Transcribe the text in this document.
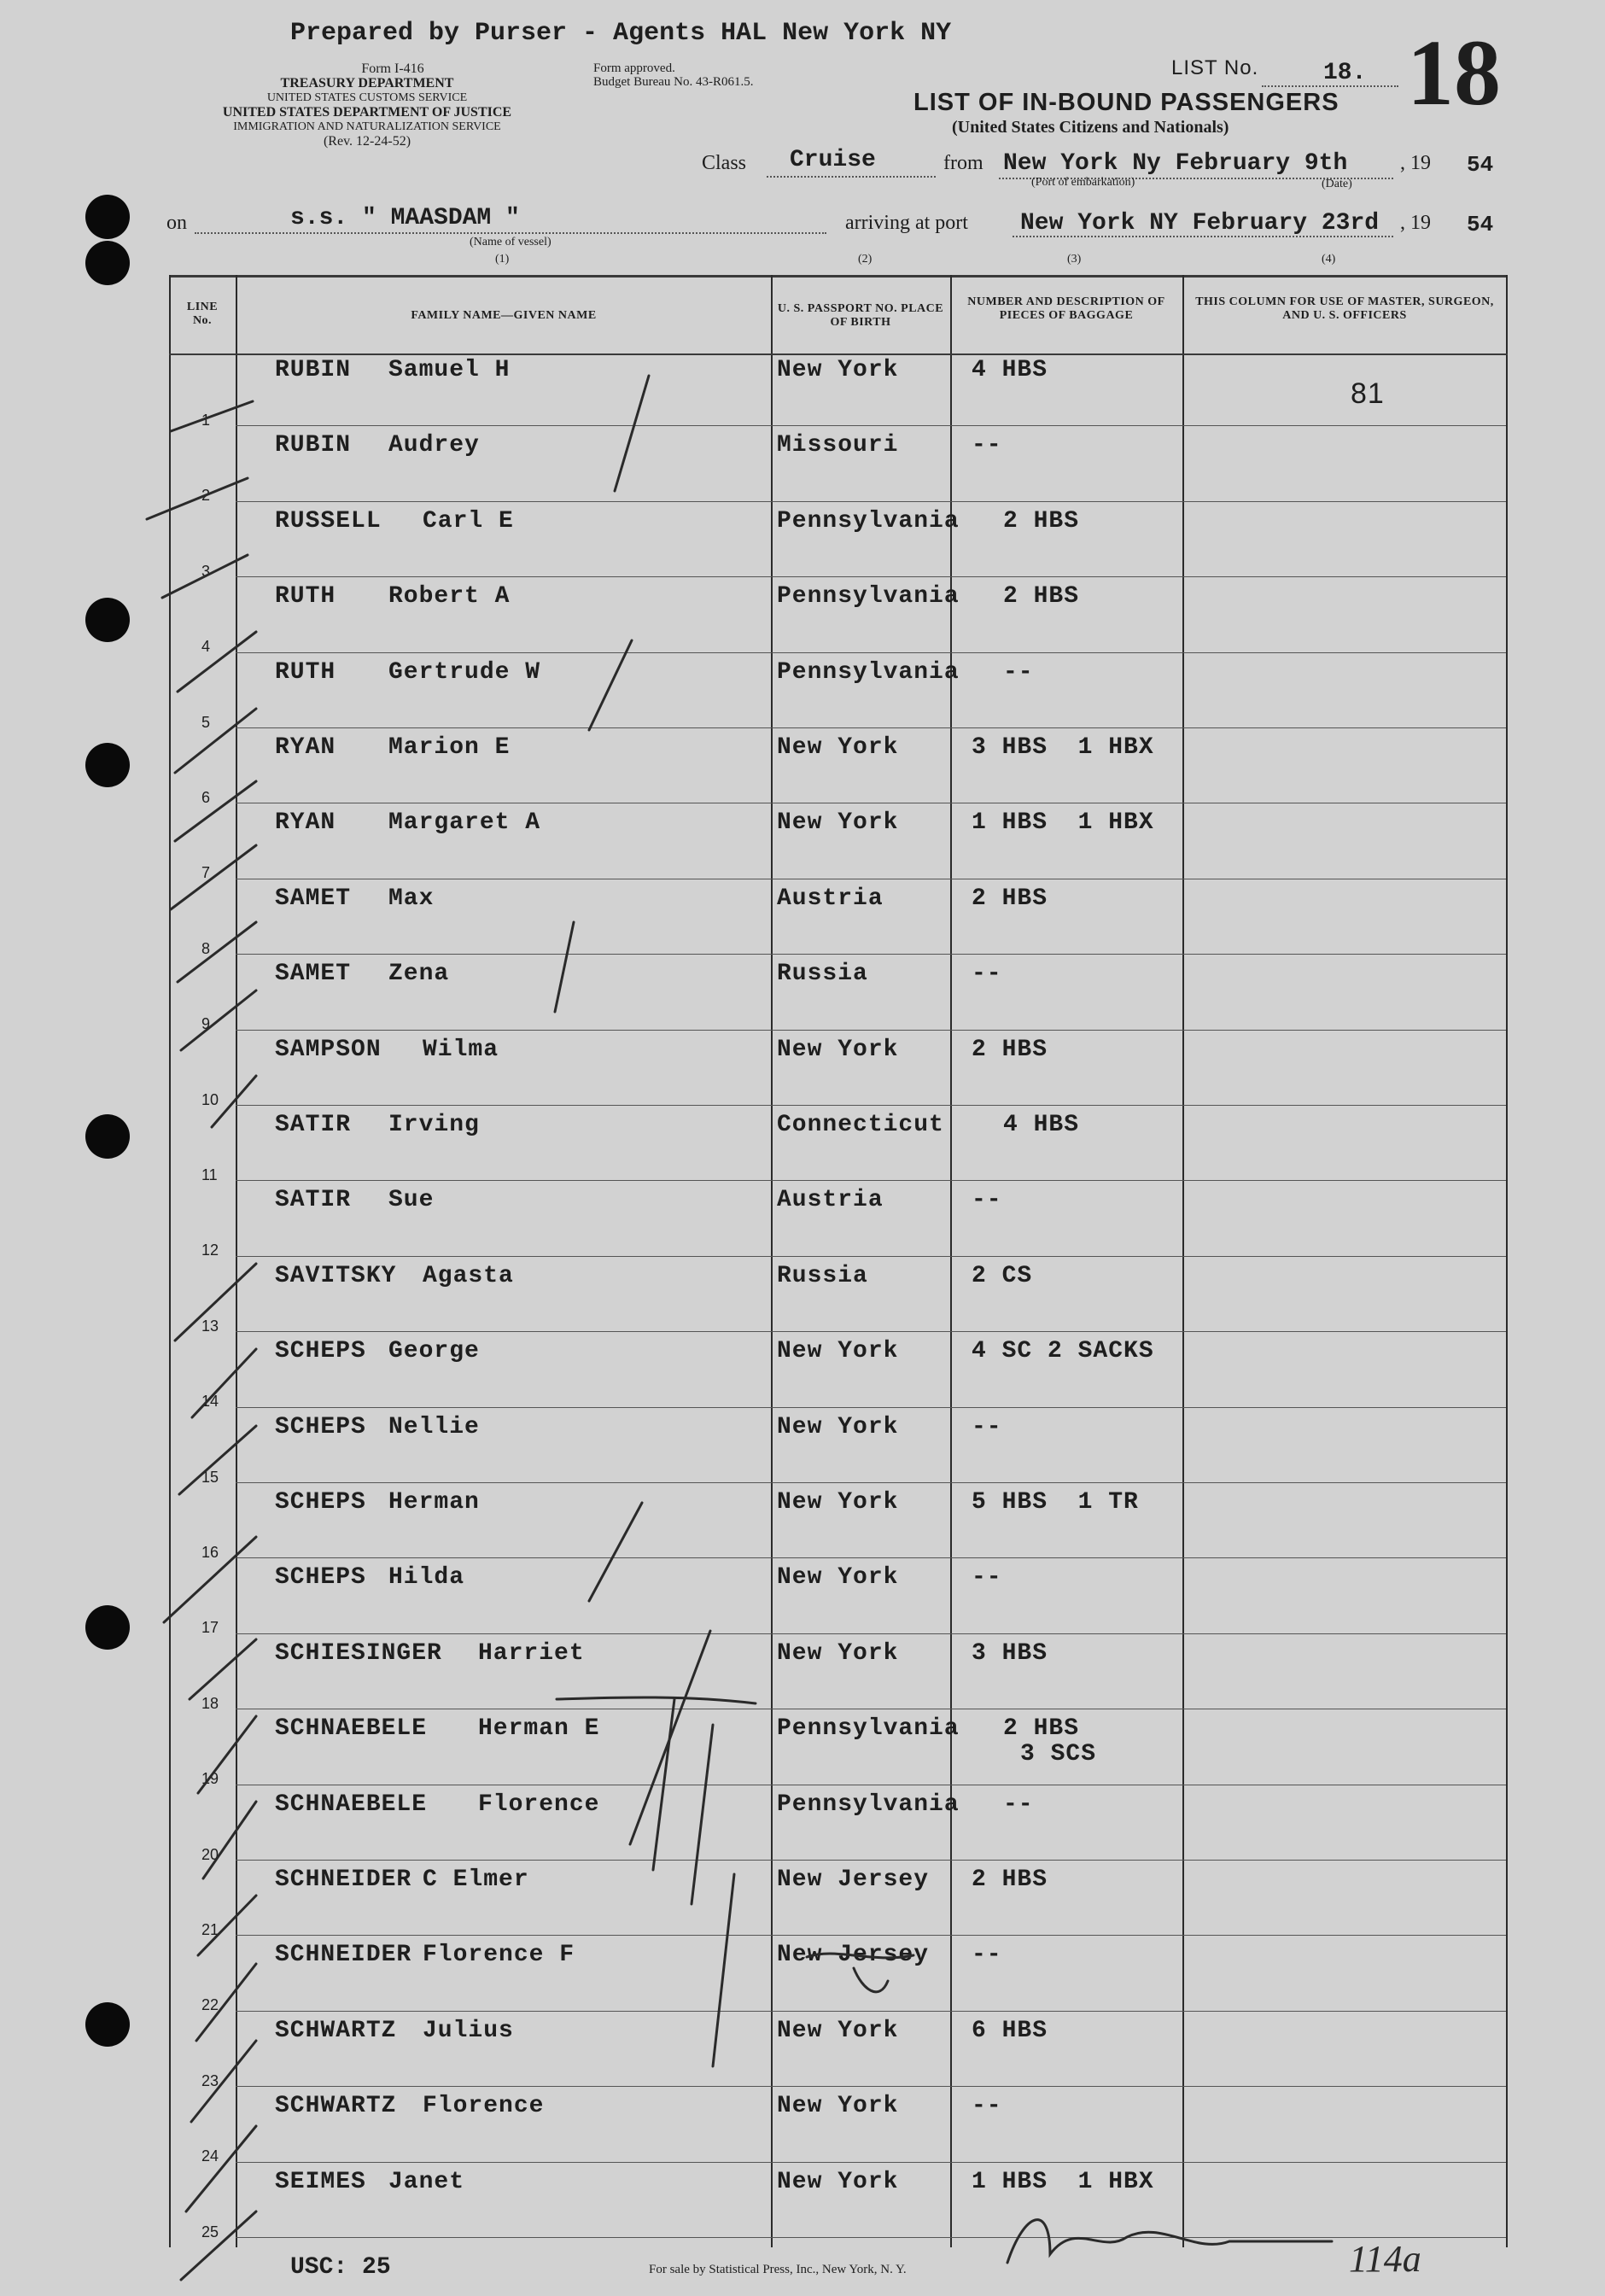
Prepared by Purser - Agents HAL New York NY
Form I-416
TREASURY DEPARTMENT
UNITED STATES CUSTOMS SERVICE
UNITED STATES DEPARTMENT OF JUSTICE
IMMIGRATION AND NATURALIZATION SERVICE
(Rev. 12-24-52)
Form approved.
Budget Bureau No. 43-R061.5.
LIST No.	18. 18
LIST OF IN-BOUND PASSENGERS
(United States Citizens and Nationals)
Class Cruise	from New York Ny February 9th
(Port of embarkation)	(Date)
, 19 54
on	s.s. " MAASDAM "
(Name of vessel)
arriving at port New York NY February 23rd , 19 54
(1)	(2)	(3)	(4)
LINE No.	FAMILY NAME—GIVEN NAME
U. S. PASSPORT NO. PLACE OF BIRTH
NUMBER AND DESCRIPTION OF PIECES OF BAGGAGE
THIS COLUMN FOR USE OF MASTER, SURGEON, AND U. S. OFFICERS
1
RUBIN Samuel H	New York	4 HBS
81
2
RUBIN Audrey	Missouri	--
3
RUSSELL Carl E	Pennsylvania 2 HBS
4
RUTH Robert A	Pennsylvania 2 HBS
5
RUTH Gertrude W	Pennsylvania --
6
RYAN Marion E	New York	3 HBS  1 HBX
7
RYAN Margaret A	New York	1 HBS  1 HBX
8
SAMET Max	Austria	2 HBS
9
SAMET Zena	Russia	--
10
SAMPSON Wilma	New York	2 HBS
11
SATIR Irving	Connecticut 4 HBS
12
SATIR Sue	Austria	--
13
SAVITSKY Agasta	Russia	2 CS
14
SCHEPS George	New York	4 SC 2 SACKS
15
SCHEPS Nellie	New York	--
16
SCHEPS Herman	New York	5 HBS  1 TR
17
SCHEPS Hilda	New York	--
18
SCHIESINGER Harriet	New York	3 HBS
19
SCHNAEBELE Herman E	Pennsylvania 2 HBS
3 SCS
20
SCHNAEBELE Florence	Pennsylvania --
21
SCHNEIDER C Elmer	New Jersey 2 HBS
22
SCHNEIDER Florence F	New Jersey --
23
SCHWARTZ Julius	New York	6 HBS
24
SCHWARTZ Florence	New York	--
25
SEIMES Janet	New York	1 HBS  1 HBX
USC: 25	For sale by Statistical Press, Inc., New York, N. Y.	114a
